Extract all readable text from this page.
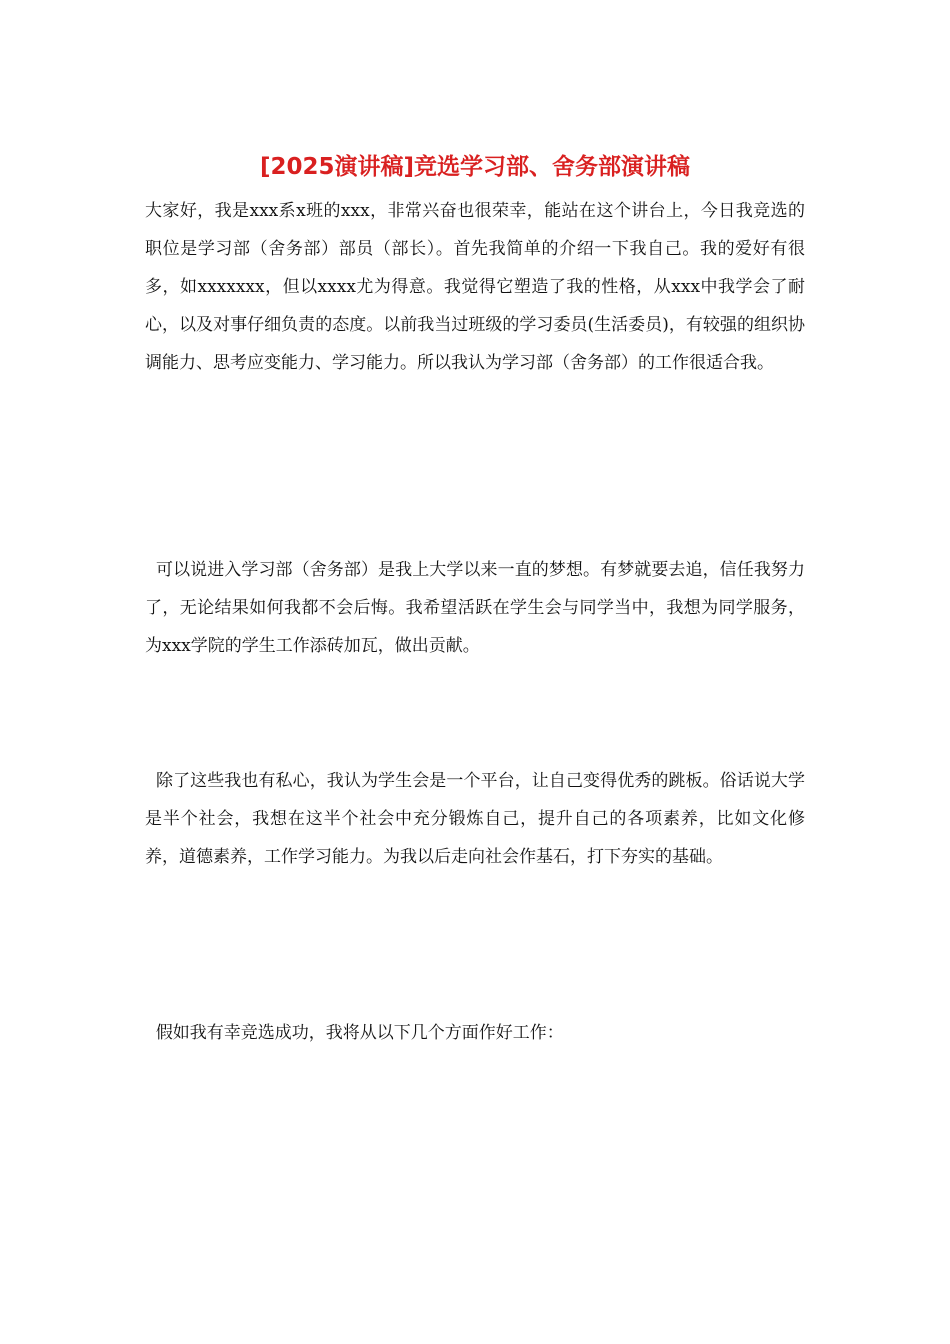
[2025演讲稿]竞选学习部、舍务部演讲稿

大家好，我是xxx系x班的xxx，非常兴奋也很荣幸，能站在这个讲台上，今日我竞选的职位是学习部（舍务部）部员（部长）。首先我简单的介绍一下我自己。我的爱好有很多，如xxxxxxx，但以xxxx尤为得意。我觉得它塑造了我的性格，从xxx中我学会了耐心，以及对事仔细负责的态度。以前我当过班级的学习委员(生活委员)，有较强的组织协调能力、思考应变能力、学习能力。所以我认为学习部（舍务部）的工作很适合我。

可以说进入学习部（舍务部）是我上大学以来一直的梦想。有梦就要去追，信任我努力了，无论结果如何我都不会后悔。我希望活跃在学生会与同学当中，我想为同学服务，为xxx学院的学生工作添砖加瓦，做出贡献。

除了这些我也有私心，我认为学生会是一个平台，让自己变得优秀的跳板。俗话说大学是半个社会，我想在这半个社会中充分锻炼自己，提升自己的各项素养，比如文化修养，道德素养，工作学习能力。为我以后走向社会作基石，打下夯实的基础。

假如我有幸竞选成功，我将从以下几个方面作好工作：
